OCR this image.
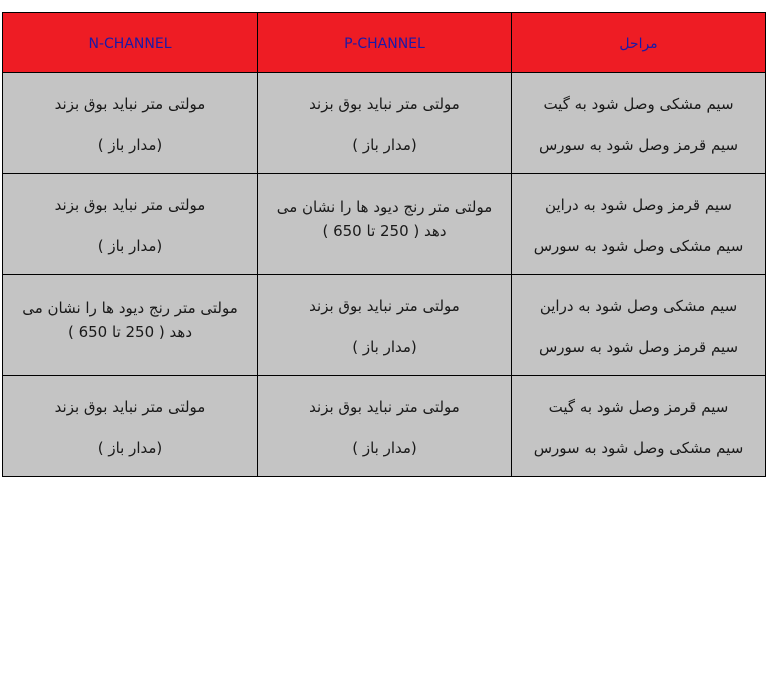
N-CHANNEL	P-CHANNEL	مراحل

مولتی متر نباید بوق بزند
(مدار باز )	مولتی متر نباید بوق بزند
(مدار باز )	سیم مشکی وصل شود به گیت
سیم قرمز وصل شود به سورس

مولتی متر نباید بوق بزند
(مدار باز )	مولتی متر رنج دیود ها را نشان می دهد ( 250 تا 650 )	سیم قرمز وصل شود به دراین
سیم مشکی وصل شود به سورس

مولتی متر رنج دیود ها را نشان می دهد ( 250 تا 650 )	مولتی متر نباید بوق بزند
(مدار باز )	سیم مشکی وصل شود به دراین
سیم قرمز وصل شود به سورس

مولتی متر نباید بوق بزند
(مدار باز )	مولتی متر نباید بوق بزند
(مدار باز )	سیم قرمز وصل شود به گیت
سیم مشکی وصل شود به سورس
